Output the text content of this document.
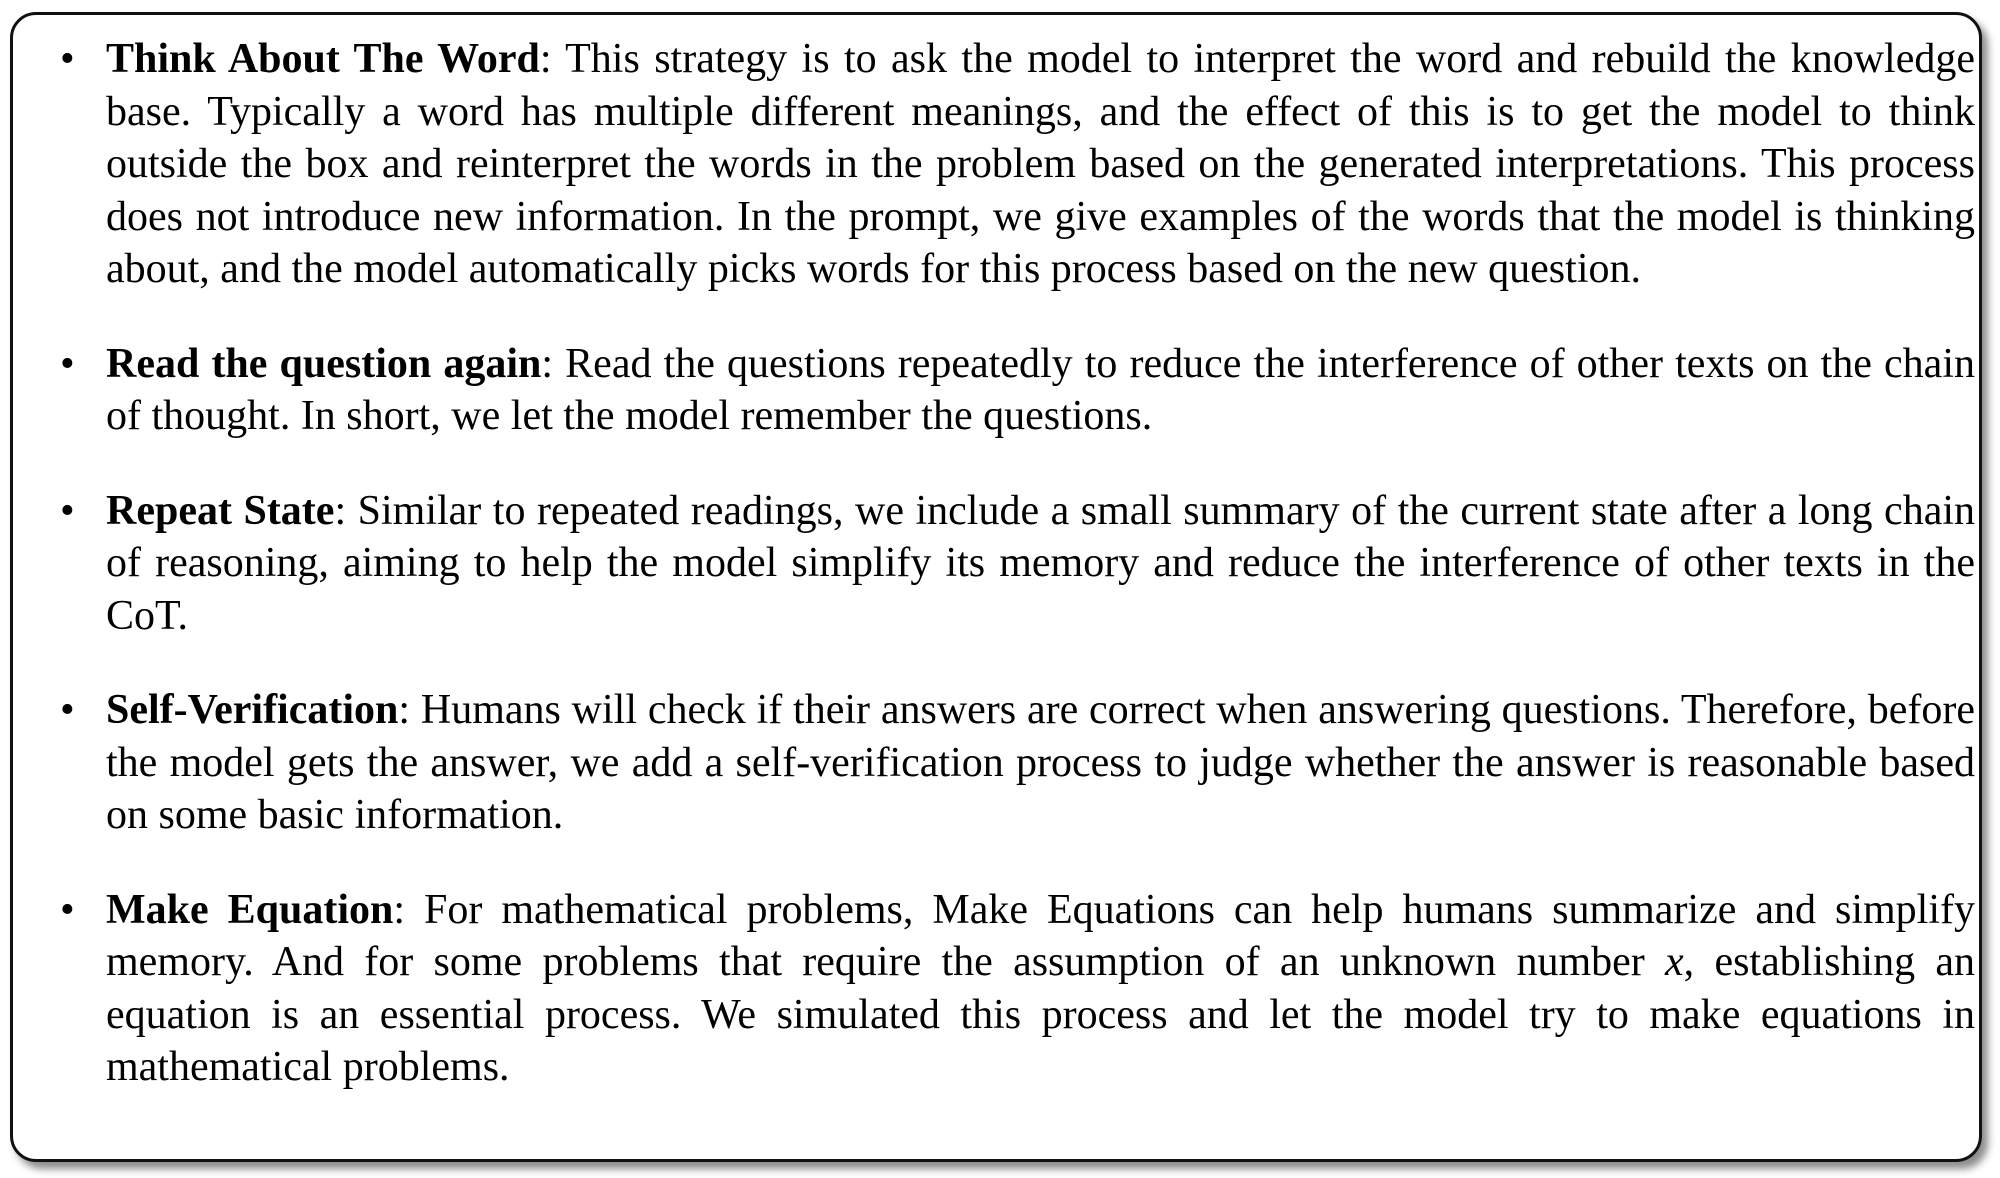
• Think About The Word: This strategy is to ask the model to interpret the word and rebuild the knowledge base. Typically a word has multiple different meanings, and the effect of this is to get the model to think outside the box and reinterpret the words in the problem based on the generated interpretations. This process does not introduce new information. In the prompt, we give examples of the words that the model is thinking about, and the model automatically picks words for this process based on the new question.
• Read the question again: Read the questions repeatedly to reduce the interference of other texts on the chain of thought. In short, we let the model remember the questions.
• Repeat State: Similar to repeated readings, we include a small summary of the current state after a long chain of reasoning, aiming to help the model simplify its memory and reduce the interference of other texts in the CoT.
• Self-Verification: Humans will check if their answers are correct when answering questions. Therefore, before the model gets the answer, we add a self-verification process to judge whether the answer is reasonable based on some basic information.
• Make Equation: For mathematical problems, Make Equations can help humans summarize and simplify memory. And for some problems that require the assumption of an unknown number x, establishing an equation is an essential process. We simulated this process and let the model try to make equations in mathematical problems.
